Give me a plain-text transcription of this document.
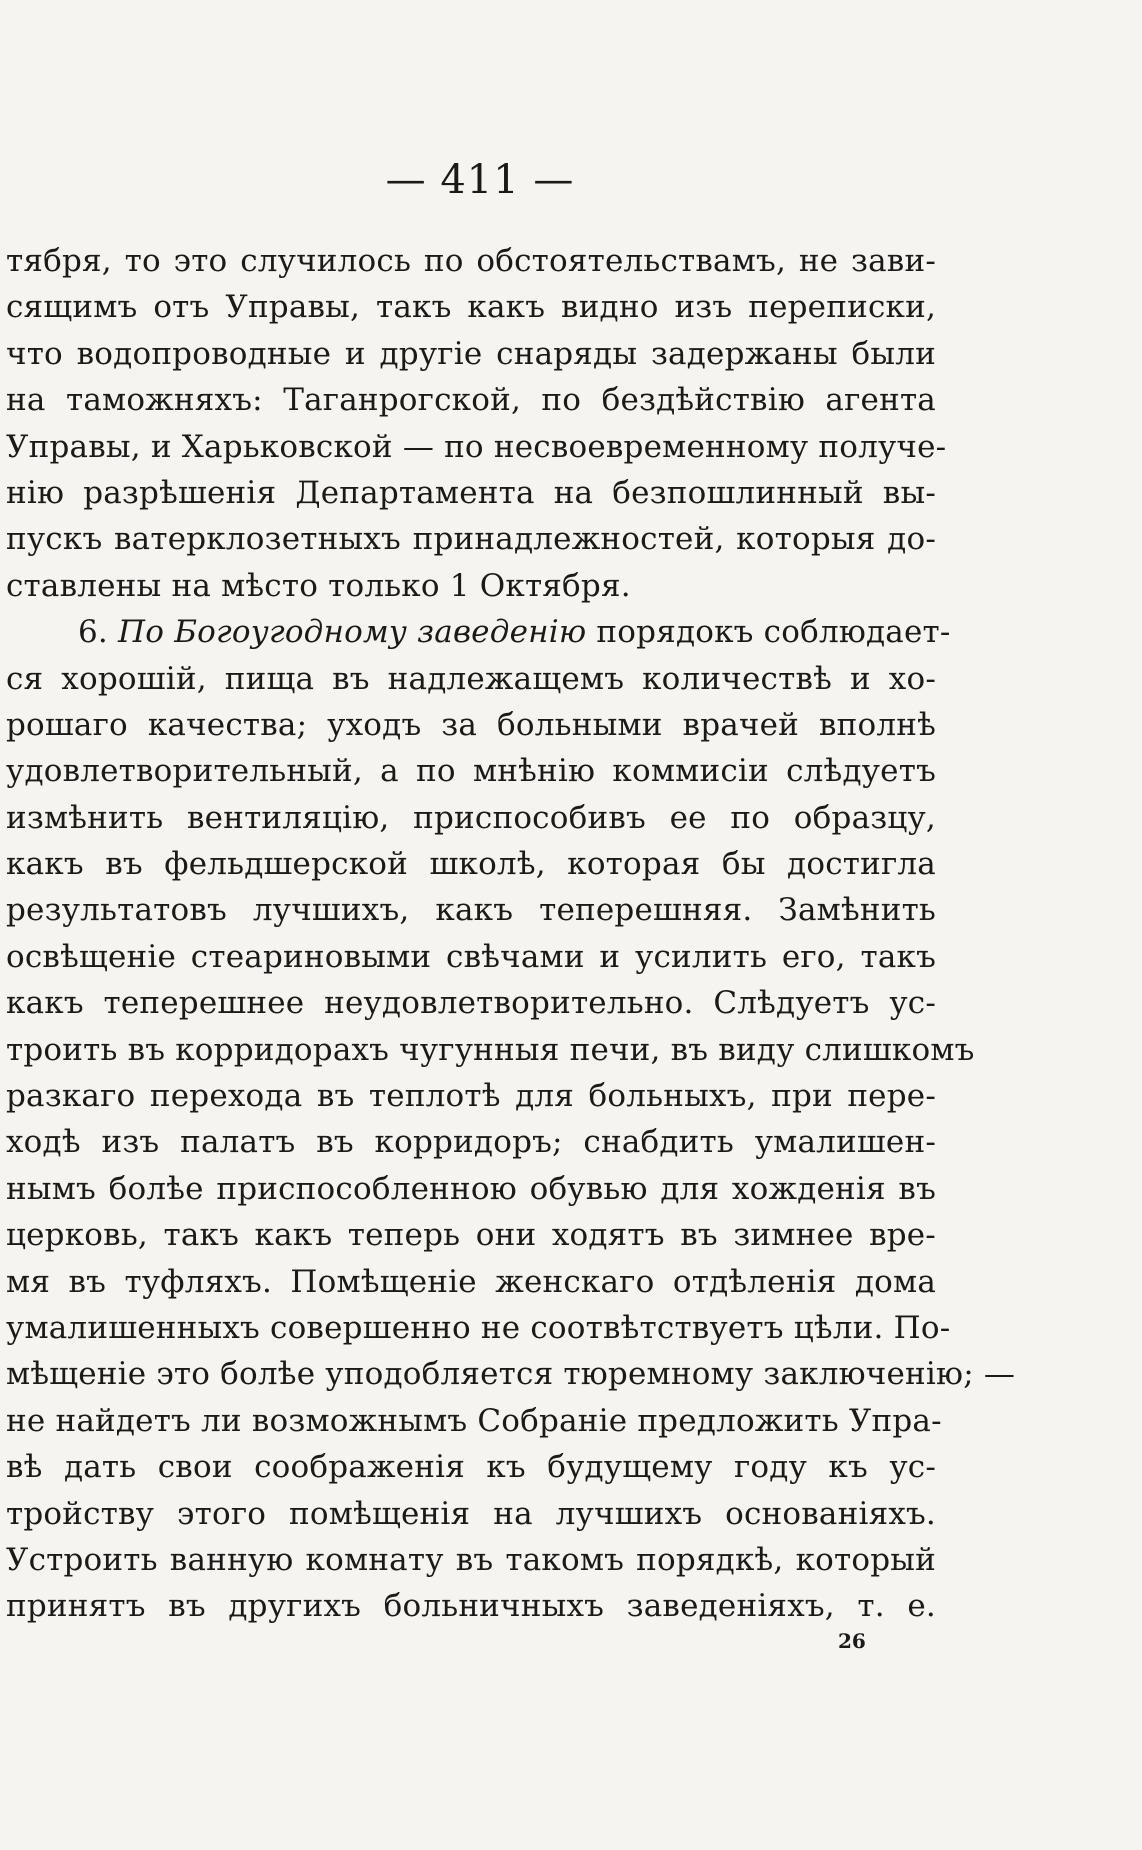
— 411 —
тября, то это случилось по обстоятельствамъ, не зави-
сящимъ отъ Управы, такъ какъ видно изъ переписки,
что водопроводные и другіе снаряды задержаны были
на таможняхъ: Таганрогской, по бездѣйствію агента
Управы, и Харьковской — по несвоевременному получе-
нію разрѣшенія Департамента на безпошлинный вы-
пускъ ватерклозетныхъ принадлежностей, которыя до-
ставлены на мѣсто только 1 Октября.
6. По Богоугодному заведенію порядокъ соблюдает-
ся хорошій, пища въ надлежащемъ количествѣ и хо-
рошаго качества; уходъ за больными врачей вполнѣ
удовлетворительный, а по мнѣнію коммисіи слѣдуетъ
измѣнить вентиляцію, приспособивъ ее по образцу,
какъ въ фельдшерской школѣ, которая бы достигла
результатовъ лучшихъ, какъ теперешняя. Замѣнить
освѣщеніе стеариновыми свѣчами и усилить его, такъ
какъ теперешнее неудовлетворительно. Слѣдуетъ ус-
троить въ корридорахъ чугунныя печи, въ виду слишкомъ
разкаго перехода въ теплотѣ для больныхъ, при пере-
ходѣ изъ палатъ въ корридоръ; снабдить умалишен-
нымъ болѣе приспособленною обувью для хожденія въ
церковь, такъ какъ теперь они ходятъ въ зимнее вре-
мя въ туфляхъ. Помѣщеніе женскаго отдѣленія дома
умалишенныхъ совершенно не соотвѣтствуетъ цѣли. По-
мѣщеніе это болѣе уподобляется тюремному заключенію; —
не найдетъ ли возможнымъ Собраніе предложить Упра-
вѣ дать свои соображенія къ будущему году къ ус-
тройству этого помѣщенія на лучшихъ основаніяхъ.
Устроить ванную комнату въ такомъ порядкѣ, который
принятъ въ другихъ больничныхъ заведеніяхъ, т. е.
26
